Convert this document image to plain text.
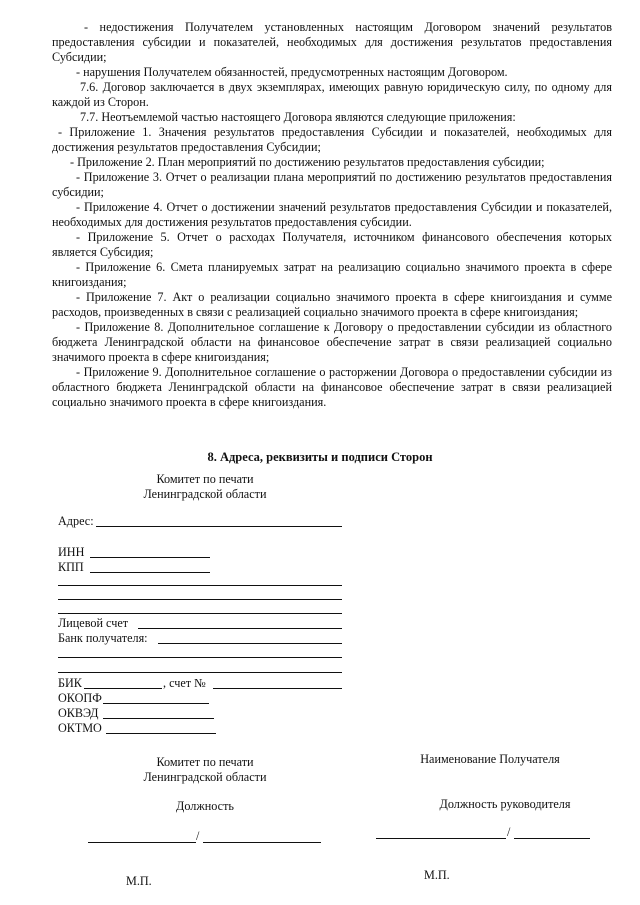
- недостижения Получателем установленных настоящим Договором значений результатов предоставления субсидии и показателей, необходимых для достижения результатов предоставления Субсидии;

- нарушения Получателем обязанностей, предусмотренных настоящим Договором.

7.6. Договор заключается в двух экземплярах, имеющих равную юридическую силу, по одному для каждой из Сторон.

7.7. Неотъемлемой частью настоящего Договора являются следующие приложения:

- Приложение 1. Значения результатов предоставления Субсидии и показателей, необходимых для достижения результатов предоставления Субсидии;

- Приложение 2. План мероприятий по достижению результатов предоставления субсидии;

- Приложение 3. Отчет о реализации плана мероприятий по достижению результатов предоставления субсидии;

- Приложение 4. Отчет о достижении значений результатов предоставления Субсидии и показателей, необходимых для достижения результатов предоставления субсидии.

- Приложение 5. Отчет о расходах Получателя, источником финансового обеспечения которых является Субсидия;

- Приложение 6. Смета планируемых затрат на реализацию социально значимого проекта в сфере книгоиздания;

- Приложение 7. Акт о реализации социально значимого проекта в сфере книгоиздания и сумме расходов, произведенных в связи с реализацией социально значимого проекта в сфере книгоиздания;

- Приложение 8. Дополнительное соглашение к Договору о предоставлении субсидии из областного бюджета Ленинградской области на финансовое обеспечение затрат в связи реализацией социально значимого проекта в сфере книгоиздания;

- Приложение 9. Дополнительное соглашение о расторжении Договора о предоставлении субсидии из областного бюджета Ленинградской области на финансовое обеспечение затрат в связи реализацией социально значимого проекта в сфере книгоиздания.

8. Адреса, реквизиты и подписи Сторон
Комитет по печати
Ленинградской области
Адрес:
ИНН
КПП
Лицевой счет
Банк получателя:
БИК	, счет №
ОКОПФ
ОКВЭД
ОКТМО
Комитет по печати
Ленинградской области
Наименование Получателя
Должность	Должность руководителя
/	/
М.П.	М.П.
